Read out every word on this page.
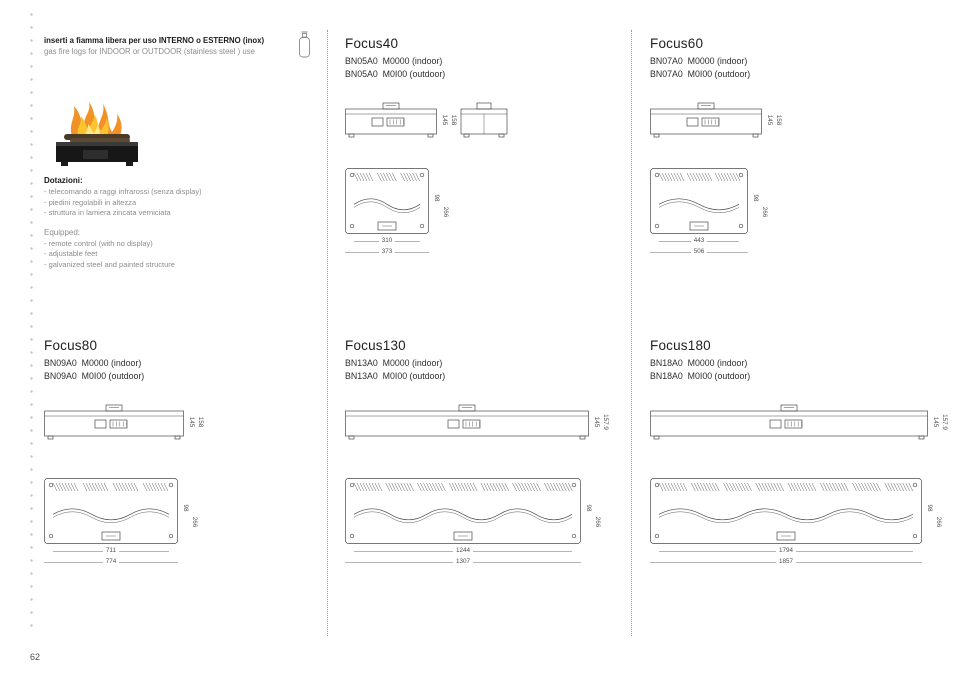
inserti a fiamma libera per uso INTERNO o ESTERNO (inox)
gas fire logs for INDOOR or OUTDOOR (stainless steel ) use
Dotazioni:
- telecomando a raggi infrarossi (senza display)
- piedini regolabili in altezza
- struttura in lamiera zincata verniciata
Equipped:
- remote control (with no display)
- adjustable feet
- galvanized steel and painted structure
Focus40
BN05A0  M0000 (indoor)
BN05A0  M0I00 (outdoor)
145 158
98
266
310
373
Focus60
BN07A0  M0000 (indoor)
BN07A0  M0I00 (outdoor)
145 158
98
266
443
506
Focus80
BN09A0  M0000 (indoor)
BN09A0  M0I00 (outdoor)
145 158
98
266
711
774
Focus130
BN13A0  M0000 (indoor)
BN13A0  M0I00 (outdoor)
145 157.9
98
266
1244
1307
Focus180
BN18A0  M0000 (indoor)
BN18A0  M0I00 (outdoor)
145 157.9
98
266
1794
1857
62
